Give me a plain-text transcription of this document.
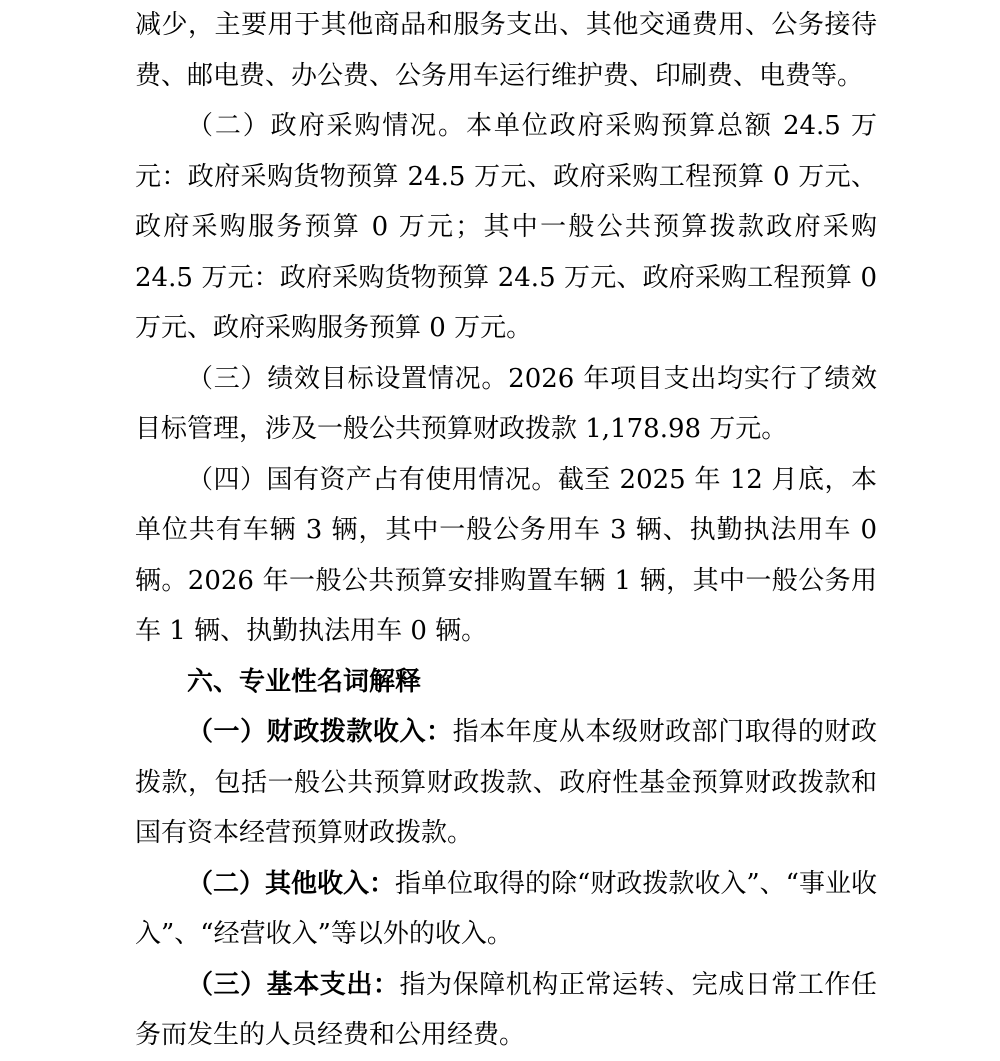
减少，主要用于其他商品和服务支出、其他交通费用、公务接待费、邮电费、办公费、公务用车运行维护费、印刷费、电费等。

（二）政府采购情况。本单位政府采购预算总额 24.5 万元：政府采购货物预算 24.5 万元、政府采购工程预算 0 万元、政府采购服务预算 0 万元；其中一般公共预算拨款政府采购 24.5 万元：政府采购货物预算 24.5 万元、政府采购工程预算 0 万元、政府采购服务预算 0 万元。

（三）绩效目标设置情况。2026 年项目支出均实行了绩效目标管理，涉及一般公共预算财政拨款 1,178.98 万元。

（四）国有资产占有使用情况。截至 2025 年 12 月底，本单位共有车辆 3 辆，其中一般公务用车 3 辆、执勤执法用车 0 辆。2026 年一般公共预算安排购置车辆 1 辆，其中一般公务用车 1 辆、执勤执法用车 0 辆。

六、专业性名词解释

（一）财政拨款收入：指本年度从本级财政部门取得的财政拨款，包括一般公共预算财政拨款、政府性基金预算财政拨款和国有资本经营预算财政拨款。

（二）其他收入：指单位取得的除“财政拨款收入”、“事业收入”、“经营收入”等以外的收入。

（三）基本支出：指为保障机构正常运转、完成日常工作任务而发生的人员经费和公用经费。
